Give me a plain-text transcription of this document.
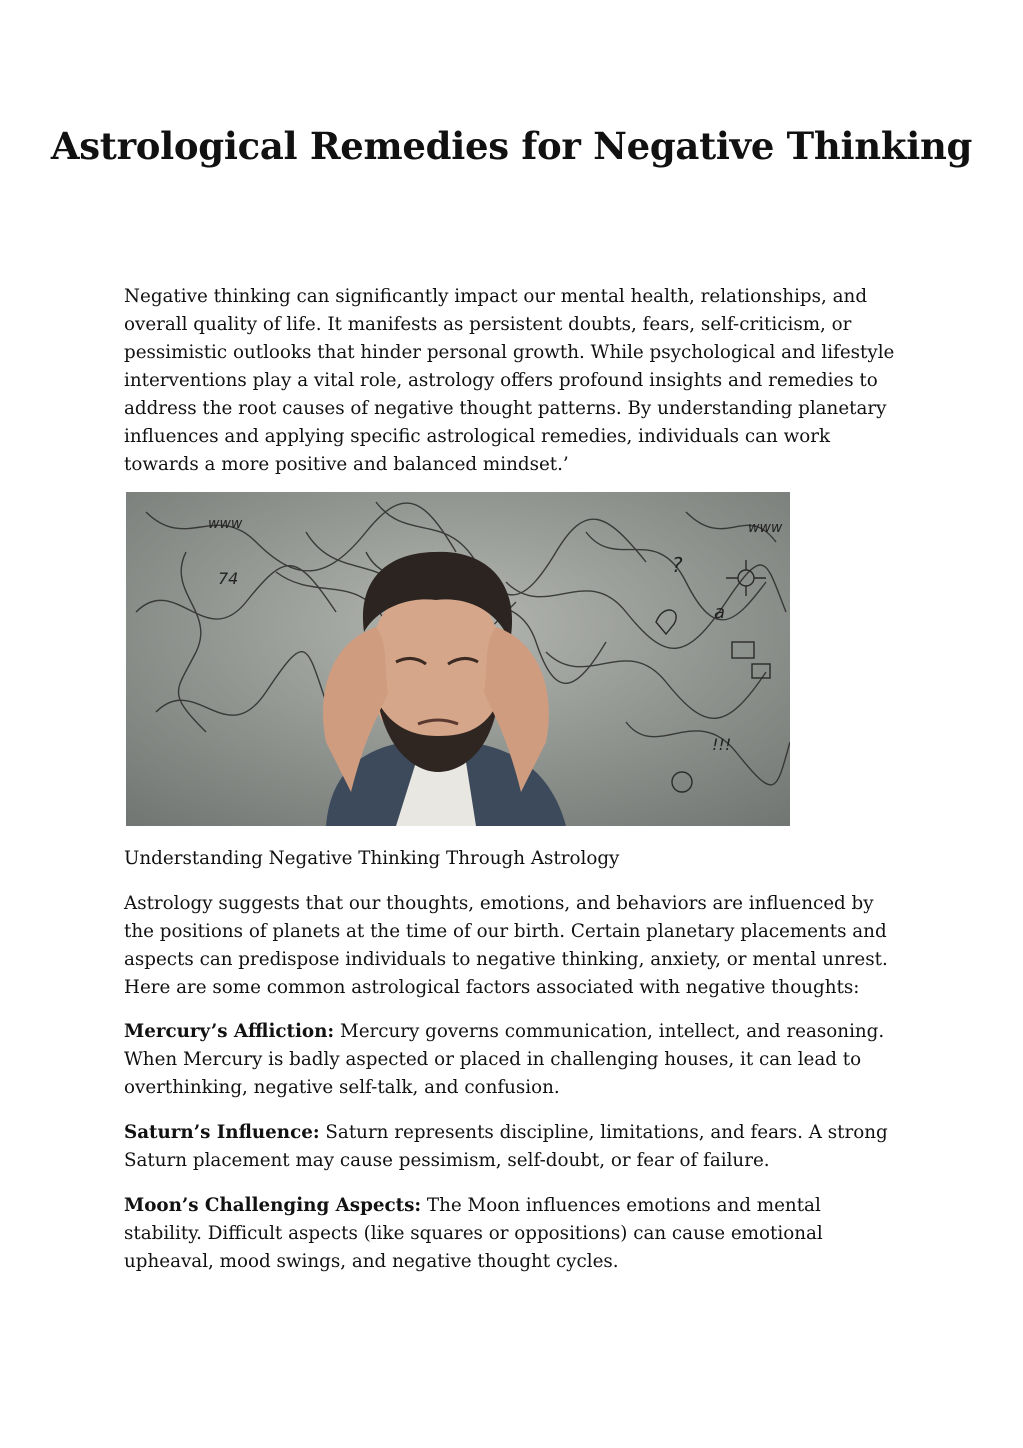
Astrological Remedies for Negative Thinking

Negative thinking can significantly impact our mental health, relationships, and overall quality of life. It manifests as persistent doubts, fears, self-criticism, or pessimistic outlooks that hinder personal growth. While psychological and lifestyle interventions play a vital role, astrology offers profound insights and remedies to address the root causes of negative thought patterns. By understanding planetary influences and applying specific astrological remedies, individuals can work towards a more positive and balanced mindset.’

www	www
?
!!!
74
a

Understanding Negative Thinking Through Astrology

Astrology suggests that our thoughts, emotions, and behaviors are influenced by the positions of planets at the time of our birth. Certain planetary placements and aspects can predispose individuals to negative thinking, anxiety, or mental unrest. Here are some common astrological factors associated with negative thoughts:

Mercury’s Affliction: Mercury governs communication, intellect, and reasoning. When Mercury is badly aspected or placed in challenging houses, it can lead to overthinking, negative self-talk, and confusion.

Saturn’s Influence: Saturn represents discipline, limitations, and fears. A strong Saturn placement may cause pessimism, self-doubt, or fear of failure.

Moon’s Challenging Aspects: The Moon influences emotions and mental stability. Difficult aspects (like squares or oppositions) can cause emotional upheaval, mood swings, and negative thought cycles.
